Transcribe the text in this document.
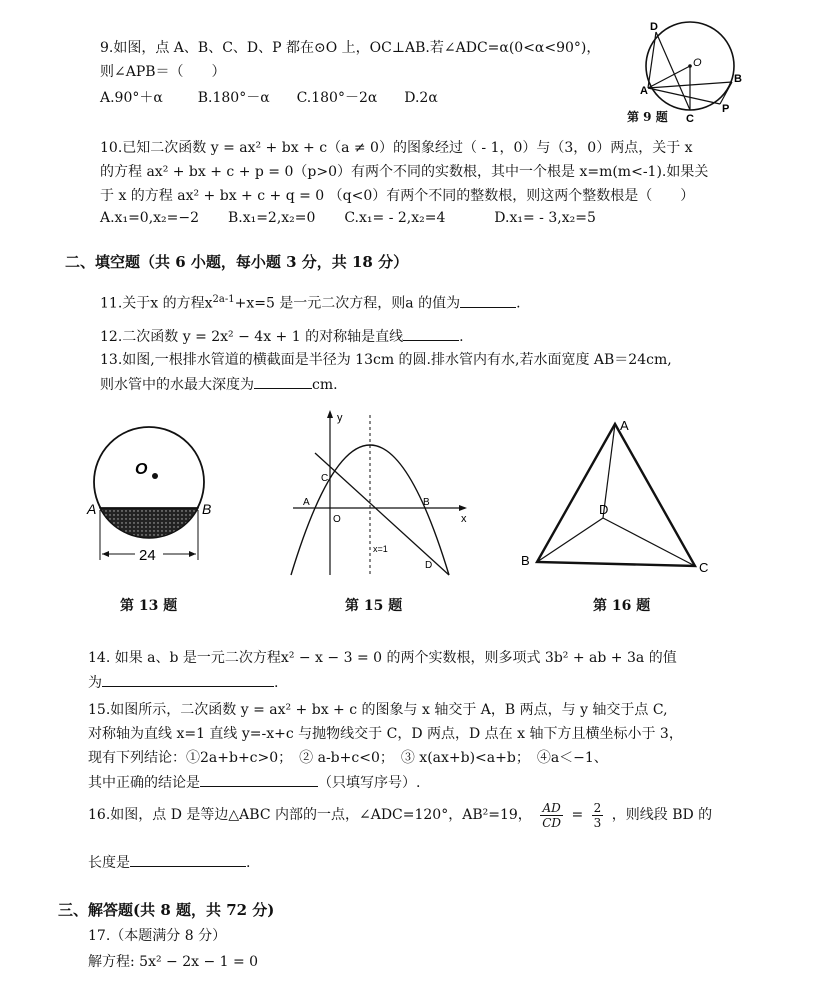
9.如图，点 A、B、C、D、P 都在⊙O 上，OC⊥AB.若∠ADC=α(0<α<90°)，
则∠APB＝（　　）
A.90°＋α B.180°－α C.180°－2α D.2α
D
O
A
B
C
P
第 9 题
10.已知二次函数 y = ax² + bx + c（a ≠ 0）的图象经过（ - 1，0）与（3，0）两点，关于 x
的方程 ax² + bx + c + p = 0（p>0）有两个不同的实数根，其中一个根是 x=m(m<-1).如果关
于 x 的方程 ax² + bx + c + q = 0 （q<0）有两个不同的整数根，则这两个整数根是（　　）
A.x₁=0,x₂=−2 B.x₁=2,x₂=0 C.x₁= - 2,x₂=4	D.x₁= - 3,x₂=5
二、填空题（共 6 小题，每小题 3 分，共 18 分）
11.关于x 的方程$x^{2a-1}+x=5$ 是一元二次方程，则a 的值为	.
12.二次函数 y = 2x² − 4x + 1 的对称轴是直线	.
13.如图,一根排水管道的横截面是半径为 13cm 的圆.排水管内有水,若水面宽度 AB＝24cm,
则水管中的水最大深度为	cm.
O
A	B
24
第 13 题
y
x
x=1
C
A
O
B
D
第 15 题
A
D
B	C
第 16 题
14. 如果 a、b 是一元二次方程x² − x − 3 = 0 的两个实数根，则多项式 3b² + ab + 3a 的值
为	.
15.如图所示，二次函数 y = ax² + bx + c 的图象与 x 轴交于 A，B 两点，与 y 轴交于点 C,
对称轴为直线 x=1 直线 y=-x+c 与抛物线交于 C，D 两点，D 点在 x 轴下方且横坐标小于 3，
现有下列结论：①2a+b+c>0；　② a-b+c<0；　③ x(ax+b)<a+b；　④a＜−1、
其中正确的结论是	（只填写序号）.
16.如图，点 D 是等边△ABC 内部的一点，∠ADC=120°，AB²=19， $\frac{AD}{CD} = \frac{2}{3}$ ，则线段 BD 的
长度是	.
三、解答题(共 8 题，共 72 分)
17.（本题满分 8 分）
解方程: 5x² − 2x − 1 = 0
